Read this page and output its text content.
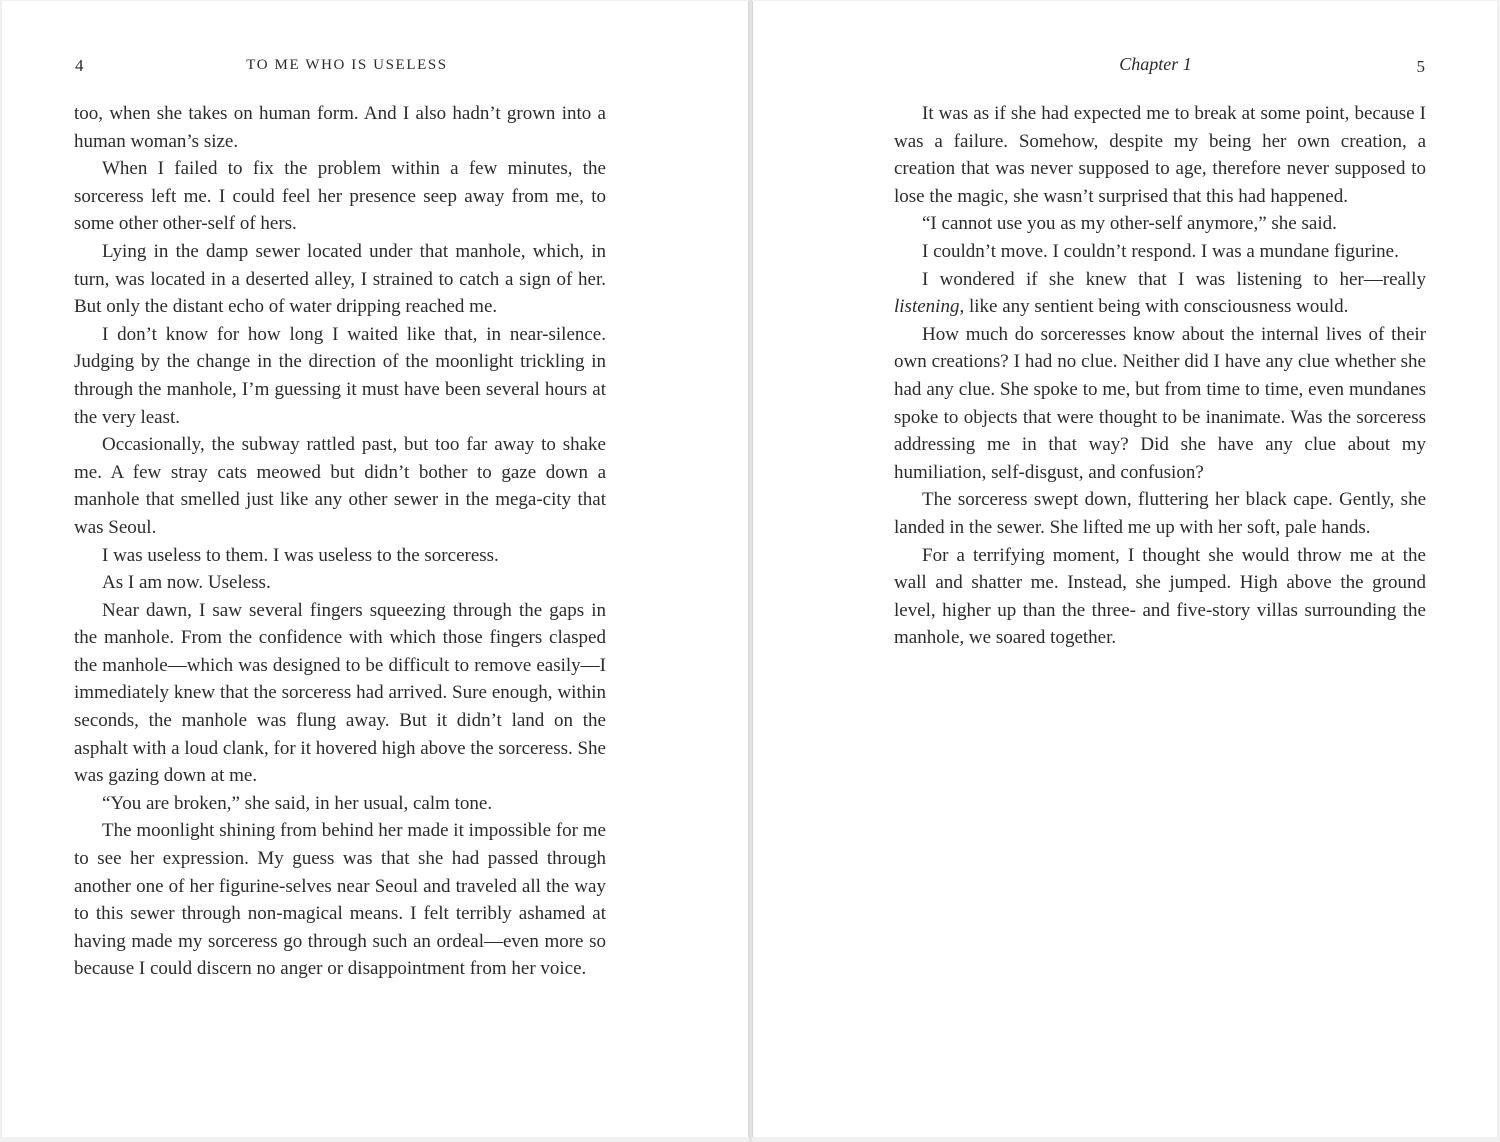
4	TO ME WHO IS USELESS

too, when she takes on human form. And I also hadn’t grown into a human woman’s size.

When I failed to fix the problem within a few minutes, the sorceress left me. I could feel her presence seep away from me, to some other other-self of hers.

Lying in the damp sewer located under that manhole, which, in turn, was located in a deserted alley, I strained to catch a sign of her. But only the distant echo of water dripping reached me.

I don’t know for how long I waited like that, in near-silence. Judging by the change in the direction of the moonlight trickling in through the manhole, I’m guessing it must have been several hours at the very least.

Occasionally, the subway rattled past, but too far away to shake me. A few stray cats meowed but didn’t bother to gaze down a manhole that smelled just like any other sewer in the mega-city that was Seoul.

I was useless to them. I was useless to the sorceress.

As I am now. Useless.

Near dawn, I saw several fingers squeezing through the gaps in the manhole. From the confidence with which those fingers clasped the manhole—which was designed to be difficult to remove easily—I immediately knew that the sorceress had arrived. Sure enough, within seconds, the manhole was flung away. But it didn’t land on the asphalt with a loud clank, for it hovered high above the sorceress. She was gazing down at me.

“You are broken,” she said, in her usual, calm tone.

The moonlight shining from behind her made it impossible for me to see her expression. My guess was that she had passed through another one of her figurine-selves near Seoul and traveled all the way to this sewer through non-magical means. I felt terribly ashamed at having made my sorceress go through such an ordeal—even more so because I could discern no anger or disappointment from her voice.

Chapter 1	5

It was as if she had expected me to break at some point, because I was a failure. Somehow, despite my being her own creation, a creation that was never supposed to age, therefore never supposed to lose the magic, she wasn’t surprised that this had happened.

“I cannot use you as my other-self anymore,” she said.

I couldn’t move. I couldn’t respond. I was a mundane figurine.

I wondered if she knew that I was listening to her—really listening, like any sentient being with consciousness would.

How much do sorceresses know about the internal lives of their own creations? I had no clue. Neither did I have any clue whether she had any clue. She spoke to me, but from time to time, even mundanes spoke to objects that were thought to be inanimate. Was the sorceress addressing me in that way? Did she have any clue about my humiliation, self-disgust, and confusion?

The sorceress swept down, fluttering her black cape. Gently, she landed in the sewer. She lifted me up with her soft, pale hands.

For a terrifying moment, I thought she would throw me at the wall and shatter me. Instead, she jumped. High above the ground level, higher up than the three- and five-story villas surrounding the manhole, we soared together.
